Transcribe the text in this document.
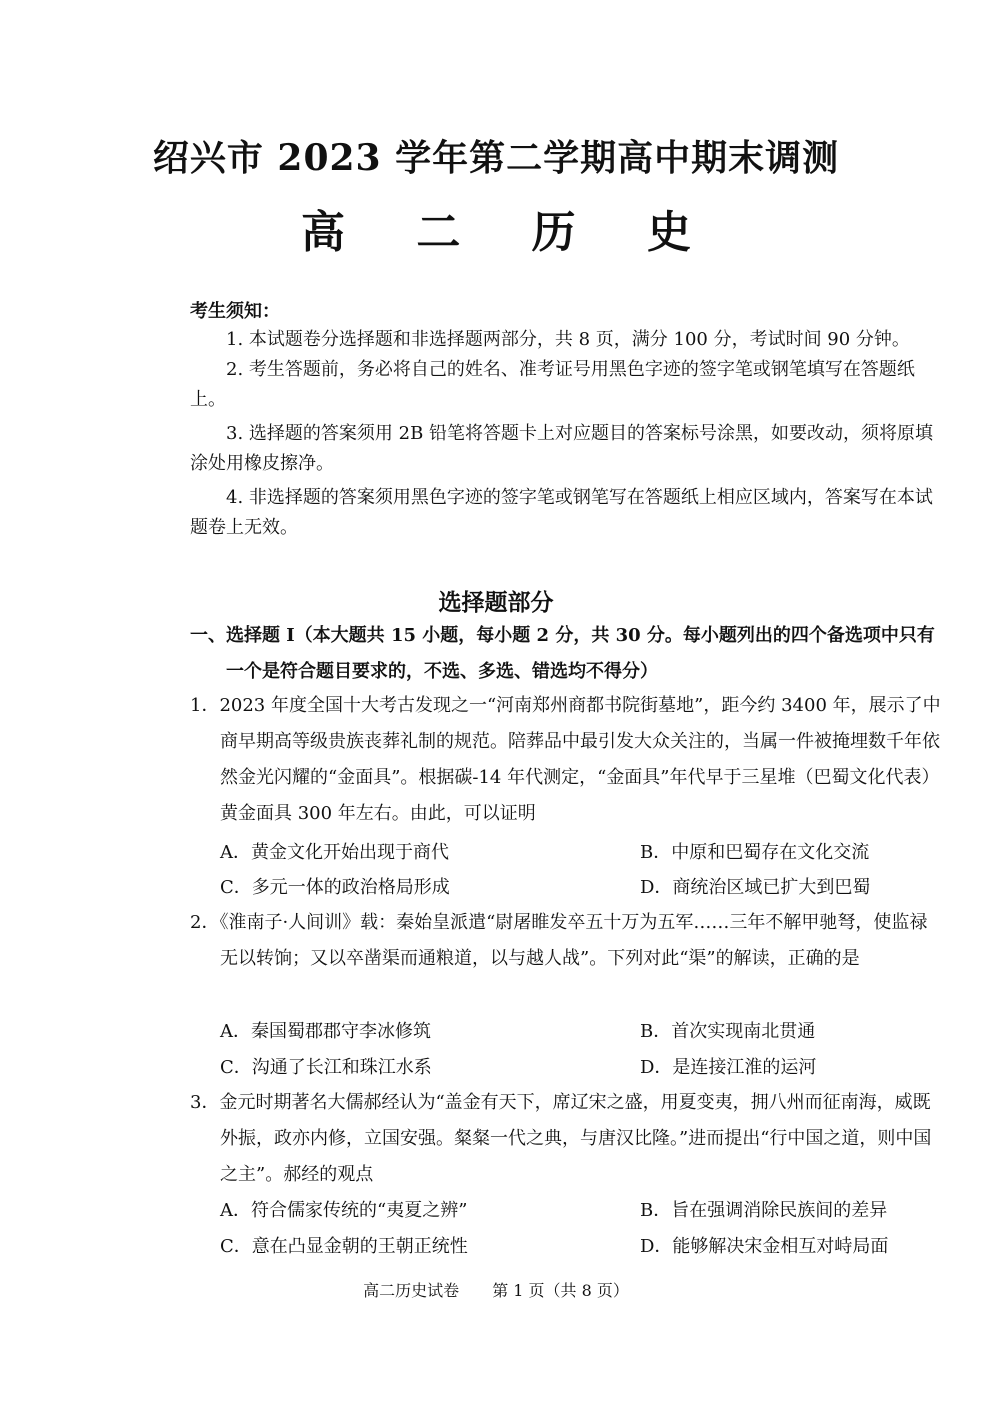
绍兴市 2023 学年第二学期高中期末调测
高 二 历 史
考生须知：
1. 本试题卷分选择题和非选择题两部分，共 8 页，满分 100 分，考试时间 90 分钟。
2. 考生答题前，务必将自己的姓名、准考证号用黑色字迹的签字笔或钢笔填写在答题纸上。
3. 选择题的答案须用 2B 铅笔将答题卡上对应题目的答案标号涂黑，如要改动，须将原填涂处用橡皮擦净。
4. 非选择题的答案须用黑色字迹的签字笔或钢笔写在答题纸上相应区域内，答案写在本试题卷上无效。
选择题部分
一、选择题 I（本大题共 15 小题，每小题 2 分，共 30 分。每小题列出的四个备选项中只有
一个是符合题目要求的，不选、多选、错选均不得分）
1．2023 年度全国十大考古发现之一“河南郑州商都书院街墓地”，距今约 3400 年，展示了中商早期高等级贵族丧葬礼制的规范。陪葬品中最引发大众关注的，当属一件被掩埋数千年依然金光闪耀的“金面具”。根据碳-14 年代测定，“金面具”年代早于三星堆（巴蜀文化代表）黄金面具 300 年左右。由此，可以证明
A．黄金文化开始出现于商代	B．中原和巴蜀存在文化交流
C．多元一体的政治格局形成	D．商统治区域已扩大到巴蜀
2．《淮南子·人间训》载：秦始皇派遣“尉屠睢发卒五十万为五军……三年不解甲驰弩，使监禄无以转饷；又以卒凿渠而通粮道，以与越人战”。下列对此“渠”的解读，正确的是
A．秦国蜀郡郡守李冰修筑	B．首次实现南北贯通
C．沟通了长江和珠江水系	D．是连接江淮的运河
3．金元时期著名大儒郝经认为“盖金有天下，席辽宋之盛，用夏变夷，拥八州而征南海，威既外振，政亦内修，立国安强。粲粲一代之典，与唐汉比隆。”进而提出“行中国之道，则中国之主”。郝经的观点
A．符合儒家传统的“夷夏之辨”	B．旨在强调消除民族间的差异
C．意在凸显金朝的王朝正统性	D．能够解决宋金相互对峙局面
高二历史试卷 第 1 页（共 8 页）
